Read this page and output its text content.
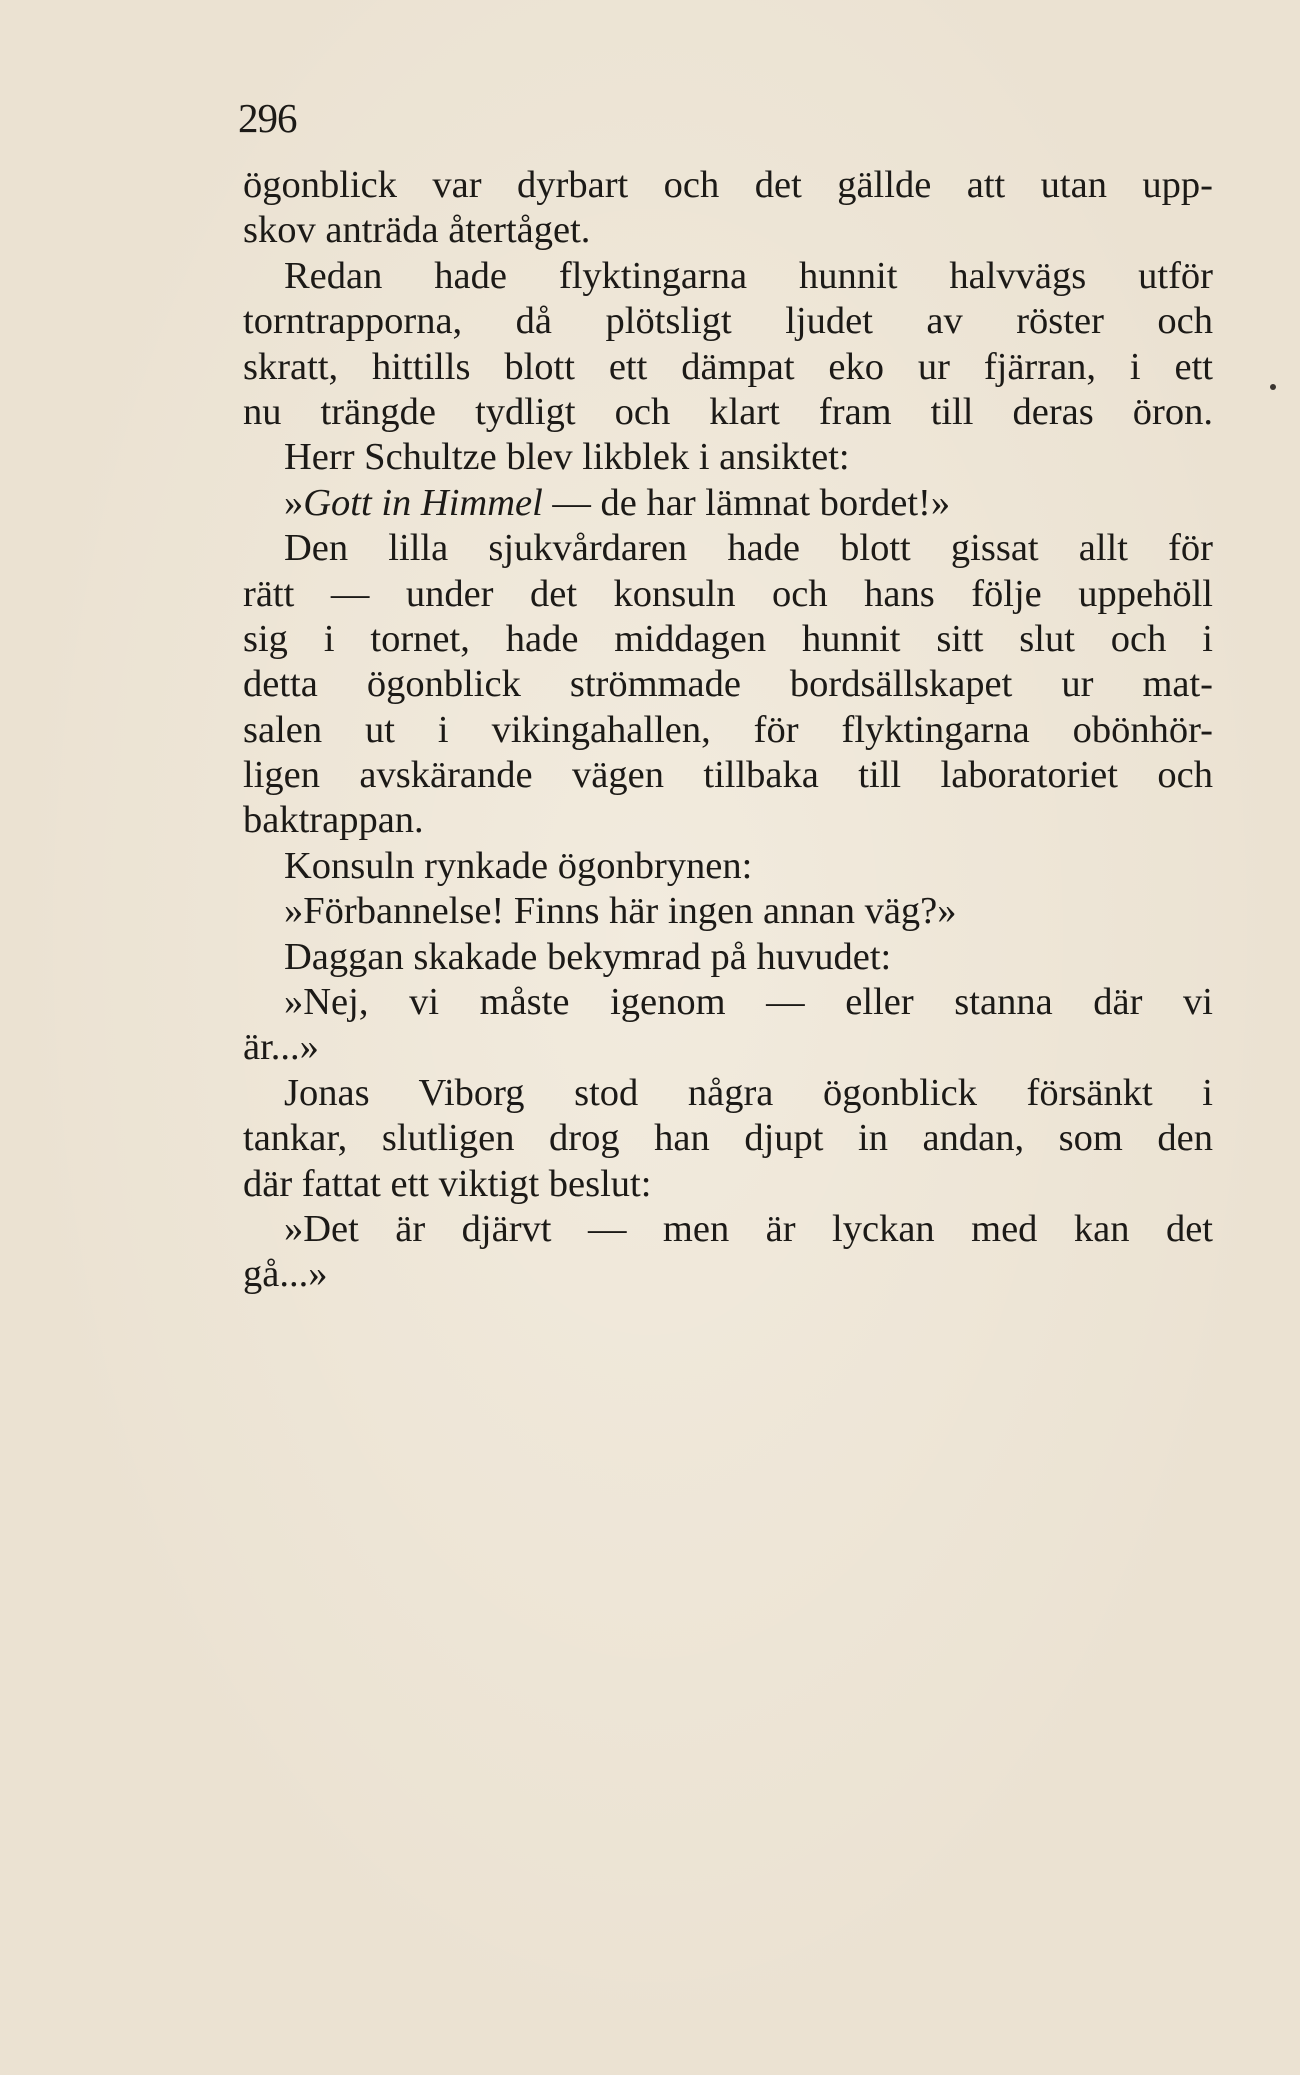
296
ögonblick var dyrbart och det gällde att utan upp-
skov anträda återtåget.
Redan hade flyktingarna hunnit halvvägs utför
torntrapporna, då plötsligt ljudet av röster och
skratt, hittills blott ett dämpat eko ur fjärran, i ett
nu trängde tydligt och klart fram till deras öron.
Herr Schultze blev likblek i ansiktet:
»Gott in Himmel — de har lämnat bordet!»
Den lilla sjukvårdaren hade blott gissat allt för
rätt — under det konsuln och hans följe uppehöll
sig i tornet, hade middagen hunnit sitt slut och i
detta ögonblick strömmade bordsällskapet ur mat-
salen ut i vikingahallen, för flyktingarna obönhör-
ligen avskärande vägen tillbaka till laboratoriet och
baktrappan.
Konsuln rynkade ögonbrynen:
»Förbannelse! Finns här ingen annan väg?»
Daggan skakade bekymrad på huvudet:
»Nej, vi måste igenom — eller stanna där vi
är...»
Jonas Viborg stod några ögonblick försänkt i
tankar, slutligen drog han djupt in andan, som den
där fattat ett viktigt beslut:
»Det är djärvt — men är lyckan med kan det
gå...»
